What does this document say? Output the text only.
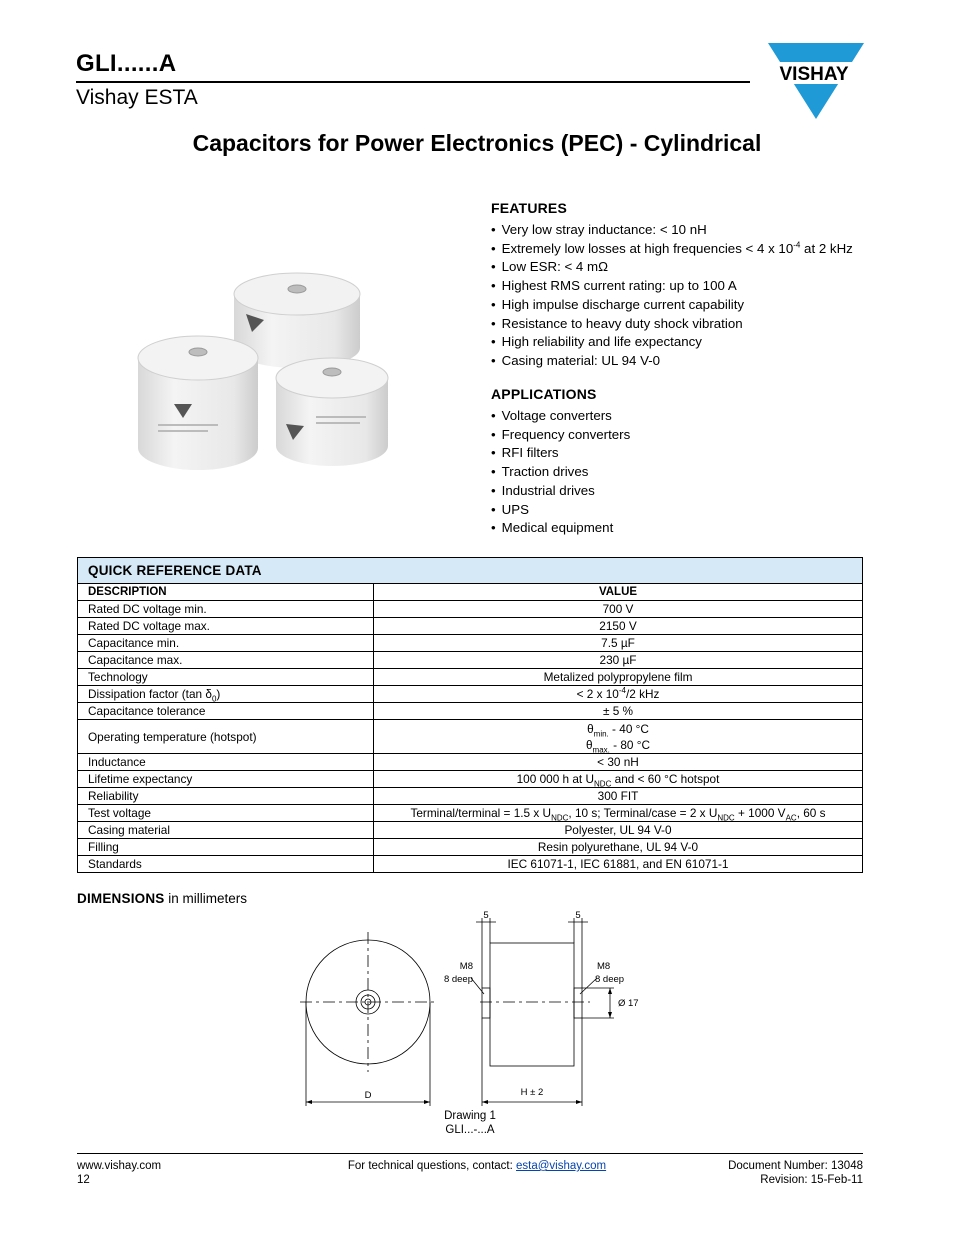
GLI......A
Vishay ESTA
VISHAY
Capacitors for Power Electronics (PEC) - Cylindrical
FEATURES
• Very low stray inductance: < 10 nH
• Extremely low losses at high frequencies < 4 x $10^{-4}$ at 2 kHz
• Low ESR: < 4 mΩ
• Highest RMS current rating: up to 100 A
• High impulse discharge current capability
• Resistance to heavy duty shock vibration
• High reliability and life expectancy
• Casing material: UL 94 V-0
APPLICATIONS
• Voltage converters
• Frequency converters
• RFI filters
• Traction drives
• Industrial drives
• UPS
• Medical equipment
QUICK REFERENCE DATA	
DESCRIPTION	VALUE
Rated DC voltage min.	700 V
Rated DC voltage max.	2150 V
Capacitance min.	7.5 µF
Capacitance max.	230 µF
Technology	Metalized polypropylene film
Dissipation factor (tan $\delta_0$)	< 2 x $10^{-4}/2$ kHz
Capacitance tolerance	± 5 %
Operating temperature (hotspot)	$\theta_{min.} - 40$ °C
$\theta_{max.} - 80$ °C
Inductance	< 30 nH
Lifetime expectancy	100 000 h at $U_{NDC}$ and < 60 °C hotspot
Reliability	300 FIT
Test voltage	Terminal/terminal = 1.5 x $U_{NDC}$, 10 s; Terminal/case = 2 x $U_{NDC} + 1000$ $V_{AC}$, 60 s
Casing material	Polyester, UL 94 V-0
Filling	Resin polyurethane, UL 94 V-0
Standards	IEC 61071-1, IEC 61881, and EN 61071-1
DIMENSIONS in millimeters
D	H ± 2
5	5
M8
8 deep
M8
8 deep
Ø 17
Drawing 1
GLI...-...A
www.vishay.com
12
For technical questions, contact: esta@vishay.com	Document Number: 13048
Revision: 15-Feb-11
